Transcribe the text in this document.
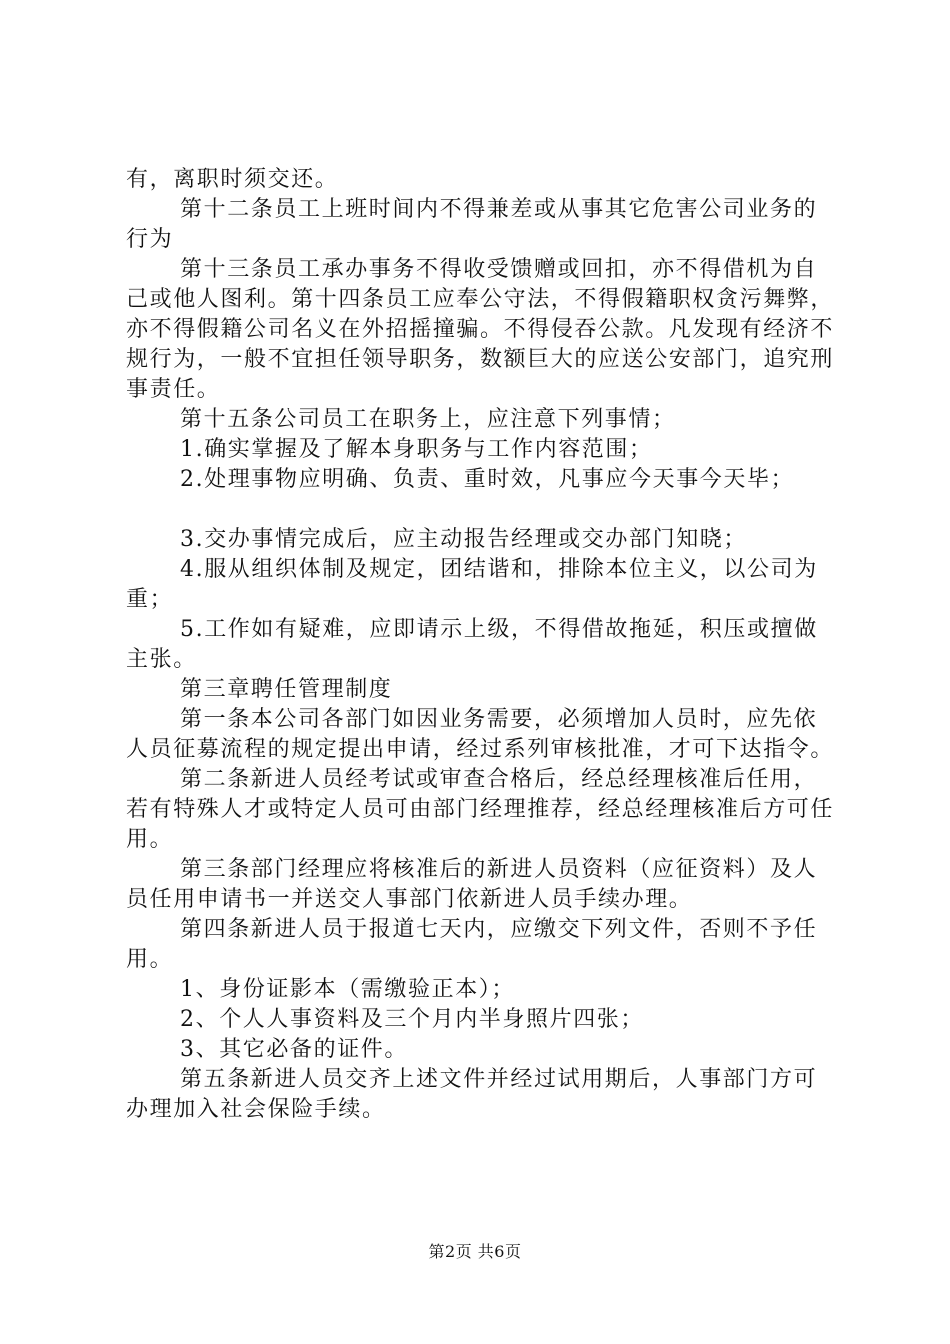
有，离职时须交还。

第十二条员工上班时间内不得兼差或从事其它危害公司业务的行为

第十三条员工承办事务不得收受馈赠或回扣，亦不得借机为自己或他人图利。第十四条员工应奉公守法，不得假籍职权贪污舞弊，亦不得假籍公司名义在外招摇撞骗。不得侵吞公款。凡发现有经济不规行为，一般不宜担任领导职务，数额巨大的应送公安部门，追究刑事责任。

第十五条公司员工在职务上，应注意下列事情；

1.确实掌握及了解本身职务与工作内容范围；

2.处理事物应明确、负责、重时效，凡事应今天事今天毕；

3.交办事情完成后，应主动报告经理或交办部门知晓；

4.服从组织体制及规定，团结谐和，排除本位主义，以公司为重；

5.工作如有疑难，应即请示上级，不得借故拖延，积压或擅做主张。

第三章聘任管理制度

第一条本公司各部门如因业务需要，必须增加人员时，应先依人员征募流程的规定提出申请，经过系列审核批准，才可下达指令。

第二条新进人员经考试或审查合格后，经总经理核准后任用，若有特殊人才或特定人员可由部门经理推荐，经总经理核准后方可任用。

第三条部门经理应将核准后的新进人员资料（应征资料）及人员任用申请书一并送交人事部门依新进人员手续办理。

第四条新进人员于报道七天内，应缴交下列文件，否则不予任用。

1、身份证影本（需缴验正本）；

2、个人人事资料及三个月内半身照片四张；

3、其它必备的证件。

第五条新进人员交齐上述文件并经过试用期后，人事部门方可办理加入社会保险手续。

第2页 共6页
